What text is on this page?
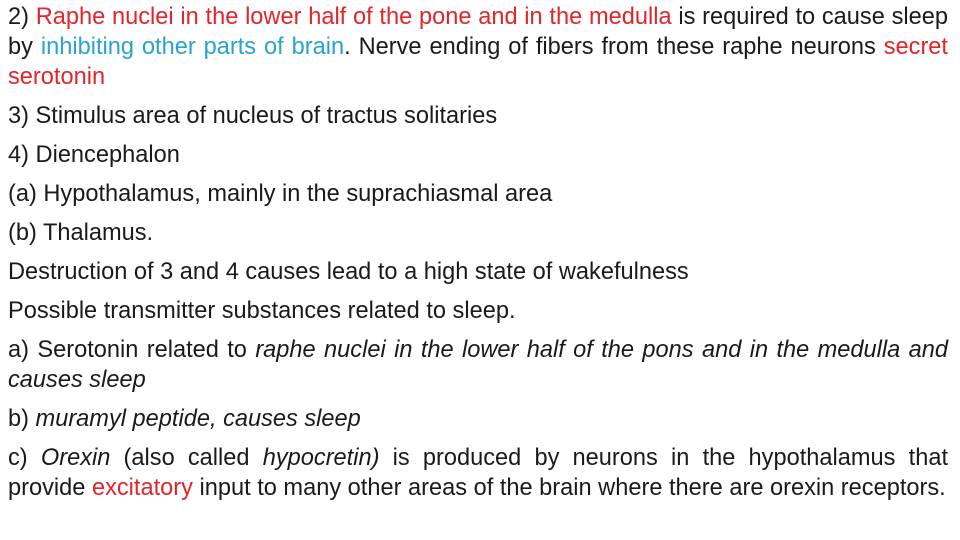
2) Raphe nuclei in the lower half of the pone and in the medulla is required to cause sleep by inhibiting other parts of brain. Nerve ending of fibers from these raphe neurons secret serotonin

3) Stimulus area of nucleus of tractus solitaries

4) Diencephalon

(a) Hypothalamus, mainly in the suprachiasmal area

(b) Thalamus.

Destruction of 3 and 4 causes lead to a high state of wakefulness

Possible transmitter substances related to sleep.

a) Serotonin related to raphe nuclei in the lower half of the pons and in the medulla and causes sleep

b) muramyl peptide, causes sleep

c) Orexin (also called hypocretin) is produced by neurons in the hypothalamus that provide excitatory input to many other areas of the brain where there are orexin receptors.
